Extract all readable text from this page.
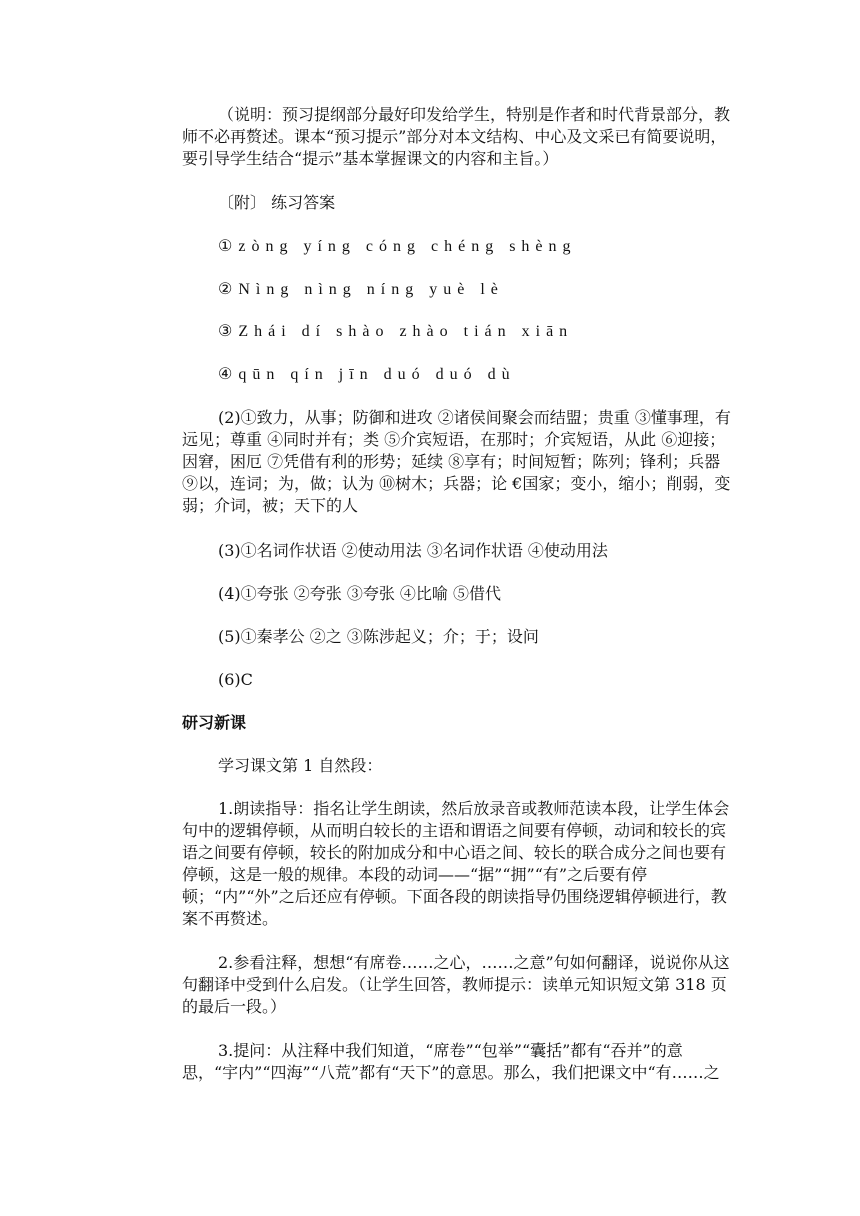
（说明：预习提纲部分最好印发给学生，特别是作者和时代背景部分，教师不必再赘述。课本“预习提示”部分对本文结构、中心及文采已有简要说明，要引导学生结合“提示”基本掌握课文的内容和主旨。）
〔附〕 练习答案
①zòng yíng cóng chéng shèng
②Nìng nìng níng yuè lè
③Zhái dí shào zhào tián xiān
④qūn qín jīn duó duó dù
(2)①致力，从事；防御和进攻 ②诸侯间聚会而结盟；贵重 ③懂事理，有远见；尊重 ④同时并有；类 ⑤介宾短语，在那时；介宾短语，从此 ⑥迎接；因窘，困厄 ⑦凭借有利的形势；延续 ⑧享有；时间短暂；陈列；锋利；兵器 ⑨以，连词；为，做；认为 ⑩树木；兵器；论 €国家；变小，缩小；削弱，变弱；介词，被；天下的人
(3)①名词作状语 ②使动用法 ③名词作状语 ④使动用法
(4)①夸张 ②夸张 ③夸张 ④比喻 ⑤借代
(5)①秦孝公 ②之 ③陈涉起义；介；于；设问
(6)C
研习新课
学习课文第 1 自然段：
1.朗读指导：指名让学生朗读，然后放录音或教师范读本段，让学生体会句中的逻辑停顿，从而明白较长的主语和谓语之间要有停顿，动词和较长的宾语之间要有停顿，较长的附加成分和中心语之间、较长的联合成分之间也要有停顿，这是一般的规律。本段的动词——“据”“拥”“有”之后要有停顿；“内”“外”之后还应有停顿。下面各段的朗读指导仍围绕逻辑停顿进行，教案不再赘述。
2.参看注释，想想“有席卷……之心，……之意”句如何翻译，说说你从这句翻译中受到什么启发。（让学生回答，教师提示：读单元知识短文第 318 页的最后一段。）
3.提问：从注释中我们知道，“席卷”“包举”“囊括”都有“吞并”的意思，“宇内”“四海”“八荒”都有“天下”的意思。那么，我们把课文中“有……之
